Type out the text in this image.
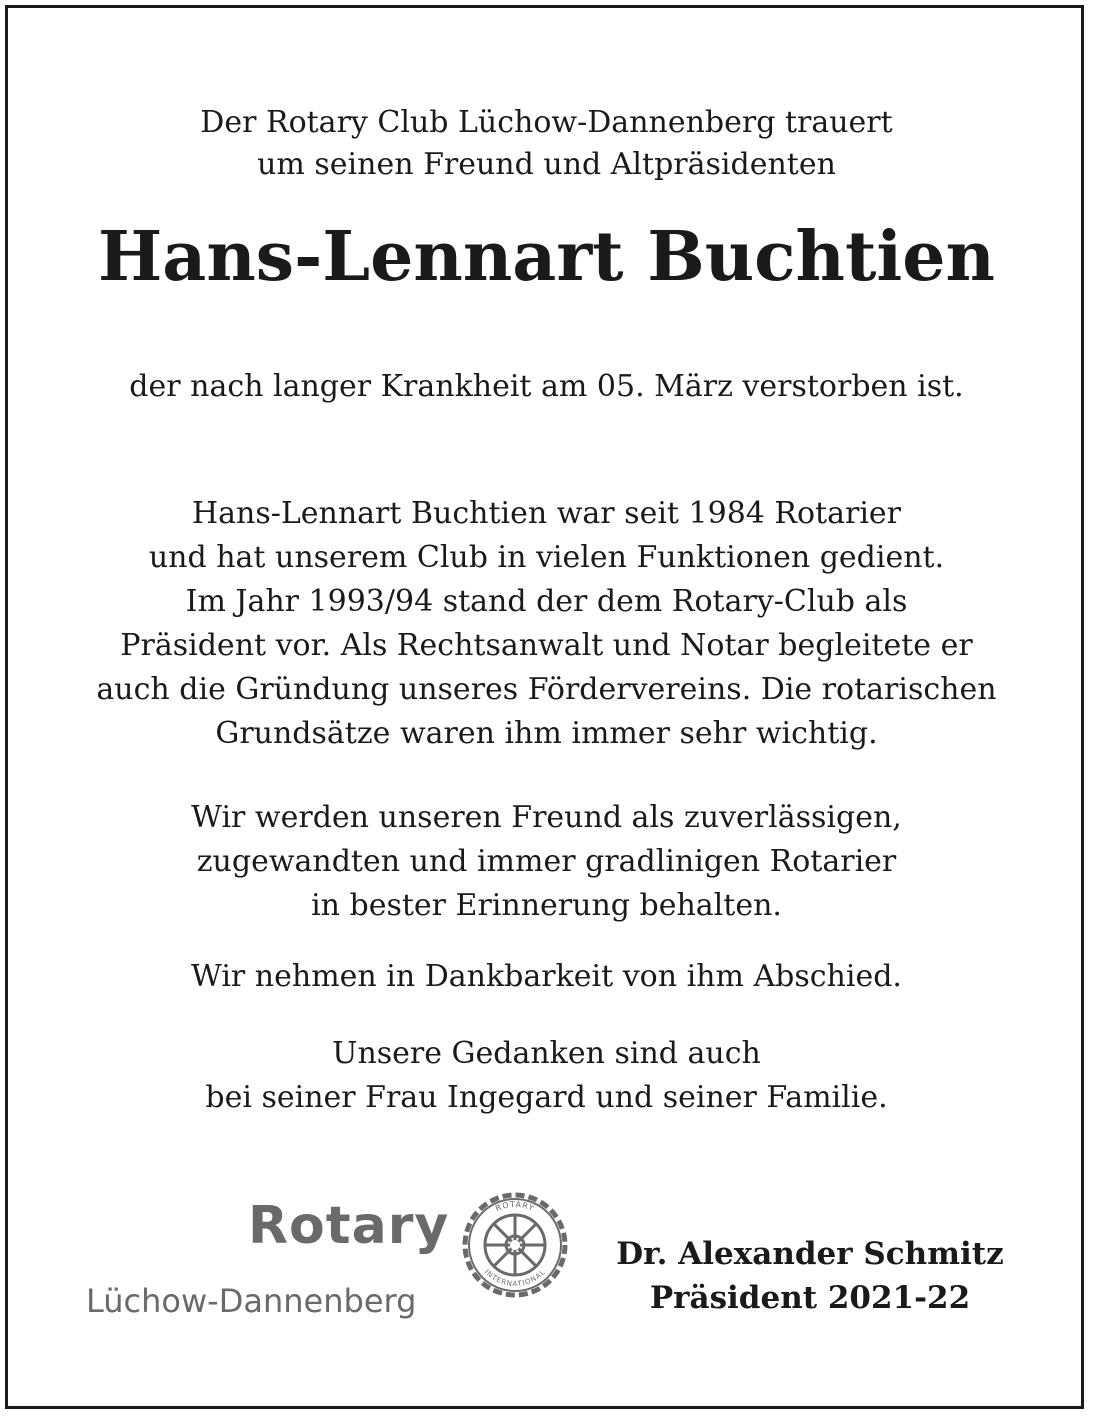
Der Rotary Club Lüchow-Dannenberg trauert
um seinen Freund und Altpräsidenten
Hans-Lennart Buchtien
der nach langer Krankheit am 05. März verstorben ist.
Hans-Lennart Buchtien war seit 1984 Rotarier
und hat unserem Club in vielen Funktionen gedient.
Im Jahr 1993/94 stand der dem Rotary-Club als
Präsident vor. Als Rechtsanwalt und Notar begleitete er
auch die Gründung unseres Fördervereins. Die rotarischen
Grundsätze waren ihm immer sehr wichtig.
Wir werden unseren Freund als zuverlässigen,
zugewandten und immer gradlinigen Rotarier
in bester Erinnerung behalten.
Wir nehmen in Dankbarkeit von ihm Abschied.
Unsere Gedanken sind auch
bei seiner Frau Ingegard und seiner Familie.
Rotary
Lüchow-Dannenberg
ROTARY
INTERNATIONAL
Dr. Alexander Schmitz
Präsident 2021-22
